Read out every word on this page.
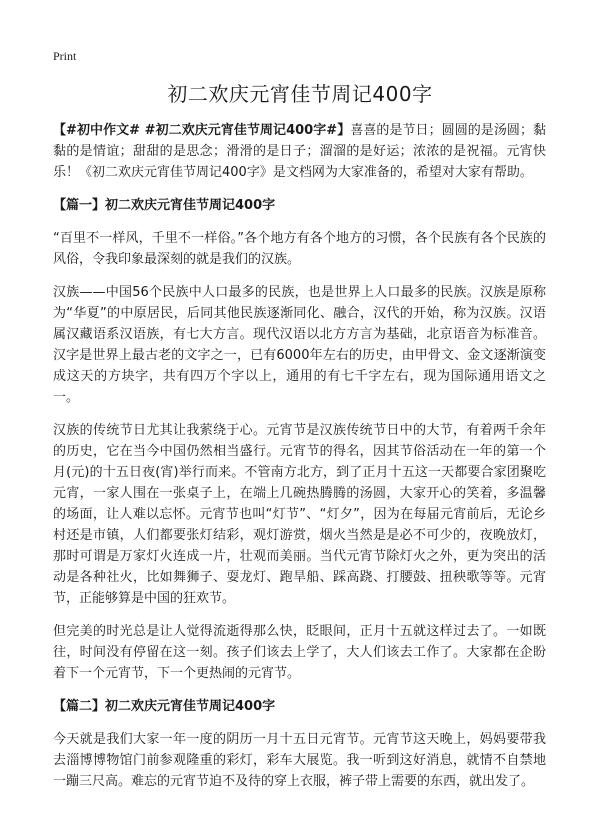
Print
初二欢庆元宵佳节周记400字

【#初中作文# #初二欢庆元宵佳节周记400字#】喜喜的是节日；圆圆的是汤圆；黏黏的是情谊；甜甜的是思念；滑滑的是日子；溜溜的是好运；浓浓的是祝福。元宵快乐！《初二欢庆元宵佳节周记400字》是文档网为大家准备的，希望对大家有帮助。

【篇一】初二欢庆元宵佳节周记400字

“百里不一样风，千里不一样俗。”各个地方有各个地方的习惯，各个民族有各个民族的风俗，令我印象最深刻的就是我们的汉族。

汉族——中国56个民族中人口最多的民族，也是世界上人口最多的民族。汉族是原称为“华夏”的中原居民，后同其他民族逐渐同化、融合，汉代的开始，称为汉族。汉语属汉藏语系汉语族，有七大方言。现代汉语以北方方言为基础，北京语音为标准音。汉字是世界上最古老的文字之一，已有6000年左右的历史，由甲骨文、金文逐渐演变成这天的方块字，共有四万个字以上，通用的有七千字左右，现为国际通用语文之一。

汉族的传统节日尤其让我萦绕于心。元宵节是汉族传统节日中的大节，有着两千余年的历史，它在当今中国仍然相当盛行。元宵节的得名，因其节俗活动在一年的第一个月(元)的十五日夜(宵)举行而来。不管南方北方，到了正月十五这一天都要合家团聚吃元宵，一家人围在一张桌子上，在端上几碗热腾腾的汤圆，大家开心的笑着，多温馨的场面，让人难以忘怀。元宵节也叫“灯节”、“灯夕”，因为在每届元宵前后，无论乡村还是市镇，人们都要张灯结彩，观灯游赏，烟火当然是是必不可少的，夜晚放灯，那时可谓是万家灯火连成一片，壮观而美丽。当代元宵节除灯火之外，更为突出的活动是各种社火，比如舞狮子、耍龙灯、跑旱船、踩高跷、打腰鼓、扭秧歌等等。元宵节，正能够算是中国的狂欢节。

但完美的时光总是让人觉得流逝得那么快，眨眼间，正月十五就这样过去了。一如既往，时间没有停留在这一刻。孩子们该去上学了，大人们该去工作了。大家都在企盼着下一个元宵节，下一个更热闹的元宵节。

【篇二】初二欢庆元宵佳节周记400字

今天就是我们大家一年一度的阴历一月十五日元宵节。元宵节这天晚上，妈妈要带我去淄博博物馆门前参观隆重的彩灯，彩车大展览。我一听到这好消息，就情不自禁地一蹦三尺高。难忘的元宵节迫不及待的穿上衣服，裤子带上需要的东西，就出发了。
